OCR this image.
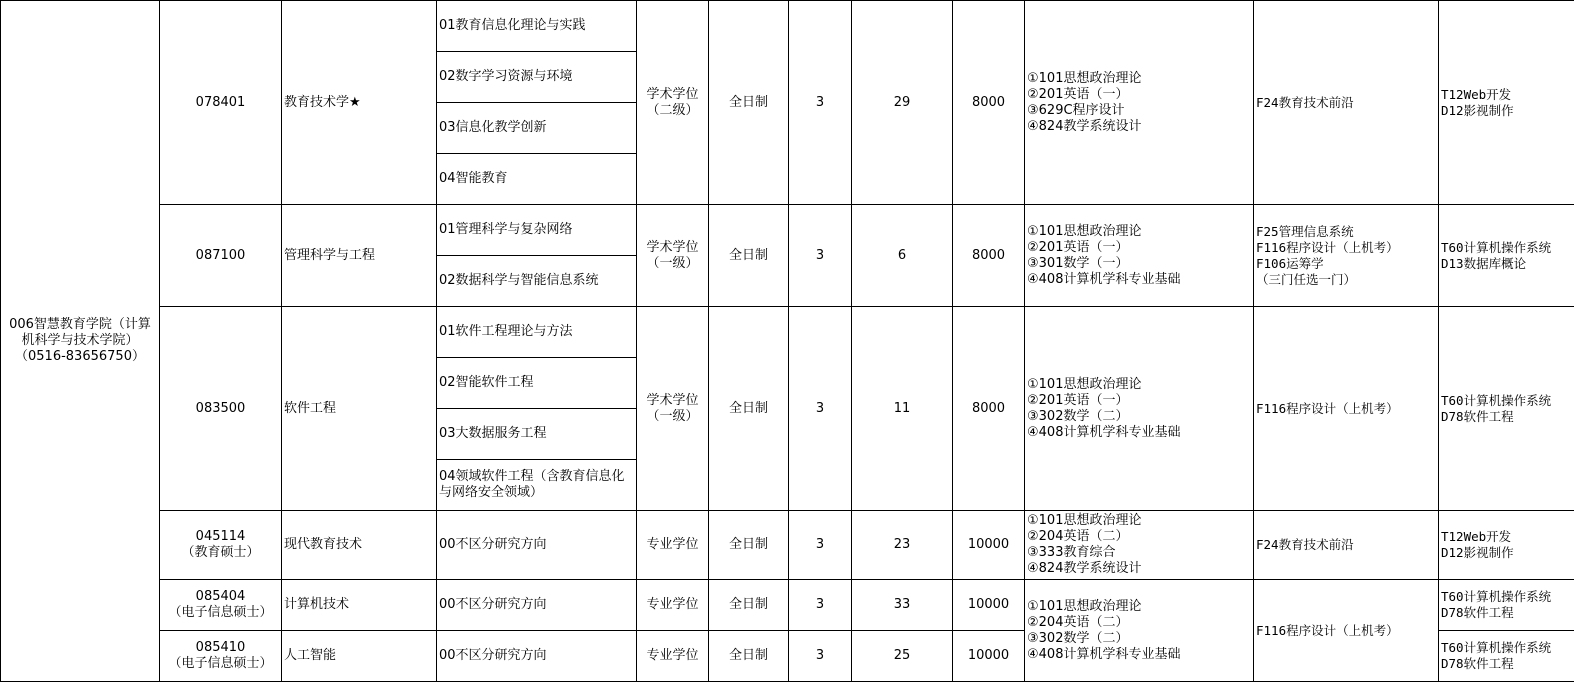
006智慧教育学院（计算
机科学与技术学院）
（0516-83656750）	078401	教育技术学★	01教育信息化理论与实践	学术学位
（二级）	全日制	3	29	8000	①101思想政治理论
②201英语（一）
③629C程序设计
④824教学系统设计	F24教育技术前沿	T12Web开发
D12影视制作

			02数字学习资源与环境								
			03信息化教学创新								
			04智能教育								
	087100	管理科学与工程	01管理科学与复杂网络	学术学位
（一级）	全日制	3	6	8000	①101思想政治理论
②201英语（一）
③301数学（一）
④408计算机学科专业基础	F25管理信息系统
F116程序设计（上机考）
F106运筹学
（三门任选一门）	T60计算机操作系统
D13数据库概论

			02数据科学与智能信息系统								
	083500	软件工程	01软件工程理论与方法	学术学位
（一级）	全日制	3	11	8000	①101思想政治理论
②201英语（一）
③302数学（二）
④408计算机学科专业基础	F116程序设计（上机考）	T60计算机操作系统
D78软件工程

			02智能软件工程								
			03大数据服务工程								
			04领域软件工程（含教育信息化与网络安全领域）								

	045114
（教育硕士）	现代教育技术	00不区分研究方向	专业学位	全日制	3	23	10000	①101思想政治理论
②204英语（二）
③333教育综合
④824教学系统设计	F24教育技术前沿	T12Web开发
D12影视制作

	085404
（电子信息硕士）	计算机技术	00不区分研究方向	专业学位	全日制	3	33	10000	①101思想政治理论
②204英语（二）
③302数学（二）
④408计算机学科专业基础	F116程序设计（上机考）	T60计算机操作系统
D78软件工程

	085410
（电子信息硕士）	人工智能	00不区分研究方向	专业学位	全日制	3	25	10000			T60计算机操作系统
D78软件工程
